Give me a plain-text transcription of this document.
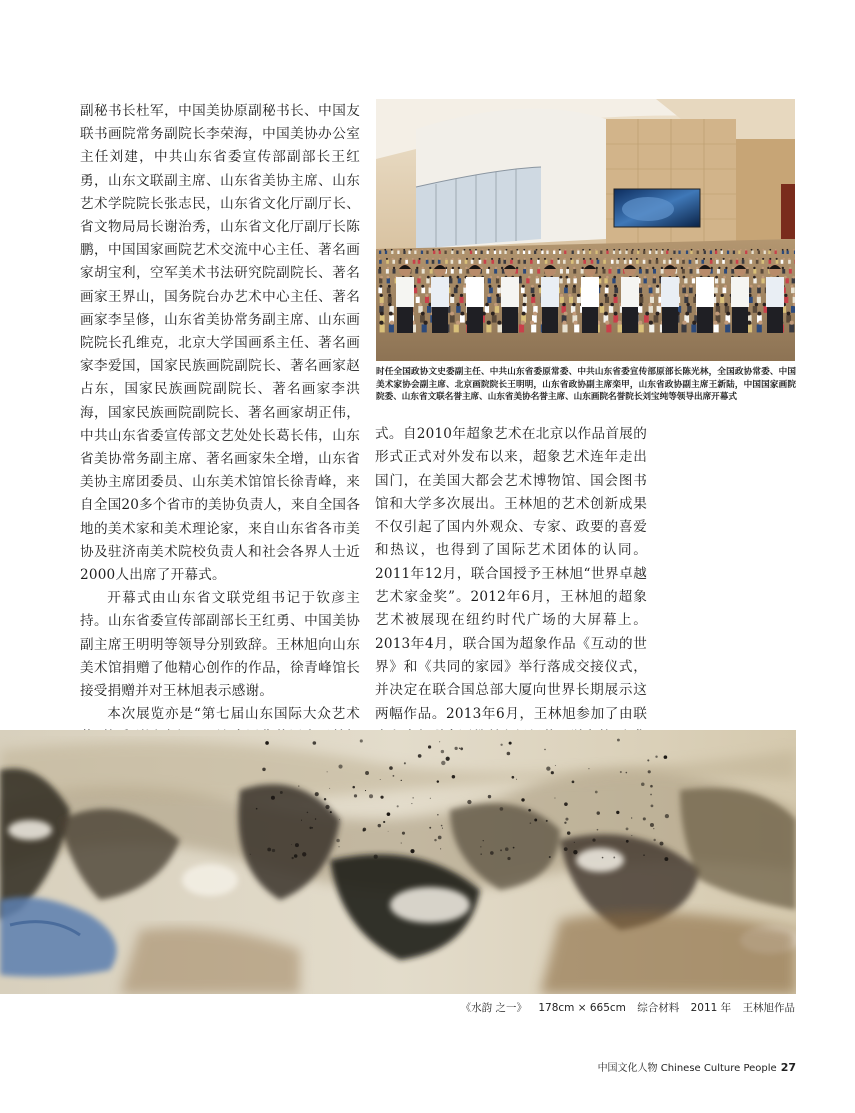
副秘书长杜军，中国美协原副秘书长、中国友联书画院常务副院长李荣海，中国美协办公室主任刘建，中共山东省委宣传部副部长王红勇，山东文联副主席、山东省美协主席、山东艺术学院院长张志民，山东省文化厅副厅长、省文物局局长谢治秀，山东省文化厅副厅长陈鹏，中国国家画院艺术交流中心主任、著名画家胡宝利，空军美术书法研究院副院长、著名画家王界山，国务院台办艺术中心主任、著名画家李呈修，山东省美协常务副主席、山东画院院长孔维克，北京大学国画系主任、著名画家李爱国，国家民族画院副院长、著名画家赵占东，国家民族画院副院长、著名画家李洪海，国家民族画院副院长、著名画家胡正伟，中共山东省委宣传部文艺处处长葛长伟，山东省美协常务副主席、著名画家朱全增，山东省美协主席团委员、山东美术馆馆长徐青峰，来自全国20多个省市的美协负责人，来自全国各地的美术家和美术理论家，来自山东省各市美协及驻济南美术院校负责人和社会各界人士近2000人出席了开幕式。

开幕式由山东省文联党组书记于钦彦主持。山东省委宣传部副部长王红勇、中国美协副主席王明明等领导分别致辞。王林旭向山东美术馆捐赠了他精心创作的作品，徐青峰馆长接受捐赠并对王林旭表示感谢。

本次展览亦是“第七届山东国际大众艺术

时任全国政协文史委副主任、中共山东省委原常委、中共山东省委宣传部原部长陈光林，全国政协常委、中国美术家协会副主席、北京画院院长王明明，山东省政协副主席栾甲，山东省政协副主席王新陆，中国国家画院院委、山东省文联名誉主席、山东省美协名誉主席、山东画院名誉院长刘宝纯等领导出席开幕式

式。自2010年超象艺术在北京以作品首展的形式正式对外发布以来，超象艺术连年走出国门，在美国大都会艺术博物馆、国会图书馆和大学多次展出。王林旭的艺术创新成果不仅引起了国内外观众、专家、政要的喜爱和热议，也得到了国际艺术团体的认同。2011年12月，联合国授予王林旭“世界卓越艺术家金奖”。2012年6月，王林旭的超象艺术被展现在纽约时代广场的大屏幕上。2013年4月，联合国为超象作品《互动的世界》和《共同的家园》举行落成交接仪式，并决定在联合国总部大厦向世界长期展示这两幅作品。2013年6月，王林旭参加了由联

《水韵 之一》 178cm × 665cm 综合材料 2011 年 王林旭作品
中国文化人物 Chinese Culture People 27
